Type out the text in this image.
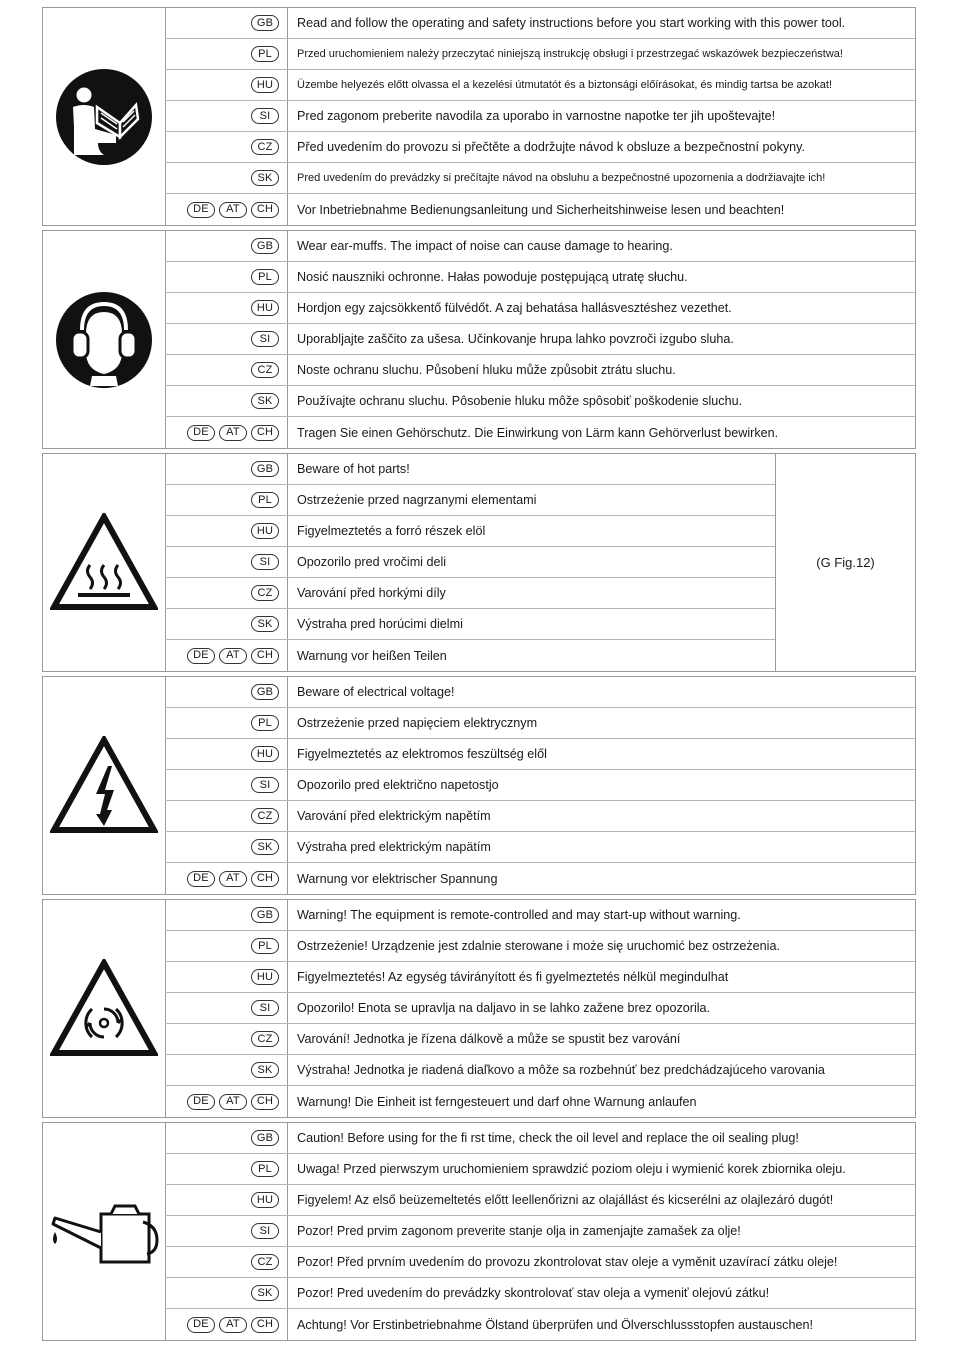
GB	Read and follow the operating and safety instructions before you start working with this power tool.
PL	Przed uruchomieniem należy przeczytać niniejszą instrukcję obsługi i przestrzegać wskazówek bezpieczeństwa!
HU	Üzembe helyezés előtt olvassa el a kezelési útmutatót és a biztonsági előírásokat, és mindig tartsa be azokat!
SI	Pred zagonom preberite navodila za uporabo in varnostne napotke ter jih upoštevajte!
CZ	Před uvedením do provozu si přečtěte a dodržujte návod k obsluze a bezpečnostní pokyny.
SK	Pred uvedením do prevádzky si prečítajte návod na obsluhu a bezpečnostné upozornenia a dodržiavajte ich!
DE	AT	CH	Vor Inbetriebnahme Bedienungsanleitung und Sicherheitshinweise lesen und beachten!
GB	Wear ear-muffs. The impact of noise can cause damage to hearing.
PL	Nosić nauszniki ochronne. Hałas powoduje postępującą utratę słuchu.
HU	Hordjon egy zajcsökkentő fülvédőt. A zaj behatása hallásvesztéshez vezethet.
SI	Uporabljajte zaščito za ušesa. Učinkovanje hrupa lahko povzroči izgubo sluha.
CZ	Noste ochranu sluchu. Působení hluku může způsobit ztrátu sluchu.
SK	Používajte ochranu sluchu. Pôsobenie hluku môže spôsobiť poškodenie sluchu.
DE	AT	CH	Tragen Sie einen Gehörschutz. Die Einwirkung von Lärm kann Gehörverlust bewirken.
GB	Beware of hot parts!
PL	Ostrzeżenie przed nagrzanymi elementami
HU	Figyelmeztetés a forró részek elöl
SI	Opozorilo pred vročimi deli
CZ	Varování před horkými díly
SK	Výstraha pred horúcimi dielmi
DE	AT	CH	Warnung vor heißen Teilen
(G Fig.12)
GB	Beware of electrical voltage!
PL	Ostrzeżenie przed napięciem elektrycznym
HU	Figyelmeztetés az elektromos feszültség elől
SI	Opozorilo pred električno napetostjo
CZ	Varování před elektrickým napětím
SK	Výstraha pred elektrickým napätím
DE	AT	CH	Warnung vor elektrischer Spannung
GB	Warning! The equipment is remote-controlled and may start-up without warning.
PL	Ostrzeżenie! Urządzenie jest zdalnie sterowane i może się uruchomić bez ostrzeżenia.
HU	Figyelmeztetés! Az egység távirányított és fi gyelmeztetés nélkül megindulhat
SI	Opozorilo! Enota se upravlja na daljavo in se lahko zažene brez opozorila.
CZ	Varování! Jednotka je řízena dálkově a může se spustit bez varování
SK	Výstraha! Jednotka je riadená diaľkovo a môže sa rozbehnúť bez predchádzajúceho varovania
DE	AT	CH	Warnung! Die Einheit ist ferngesteuert und darf ohne Warnung anlaufen
GB	Caution! Before using for the fi rst time, check the oil level and replace the oil sealing plug!
PL	Uwaga! Przed pierwszym uruchomieniem sprawdzić poziom oleju i wymienić korek zbiornika oleju.
HU	Figyelem! Az első beüzemeltetés előtt leellenőrizni az olajállást és kicserélni az olajlezáró dugót!
SI	Pozor! Pred prvim zagonom preverite stanje olja in zamenjajte zamašek za olje!
CZ	Pozor! Před prvním uvedením do provozu zkontrolovat stav oleje a vyměnit uzavírací zátku oleje!
SK	Pozor! Pred uvedením do prevádzky skontrolovať stav oleja a vymeniť olejovú zátku!
DE	AT	CH	Achtung! Vor Erstinbetriebnahme Ölstand überprüfen und Ölverschlussstopfen austauschen!
